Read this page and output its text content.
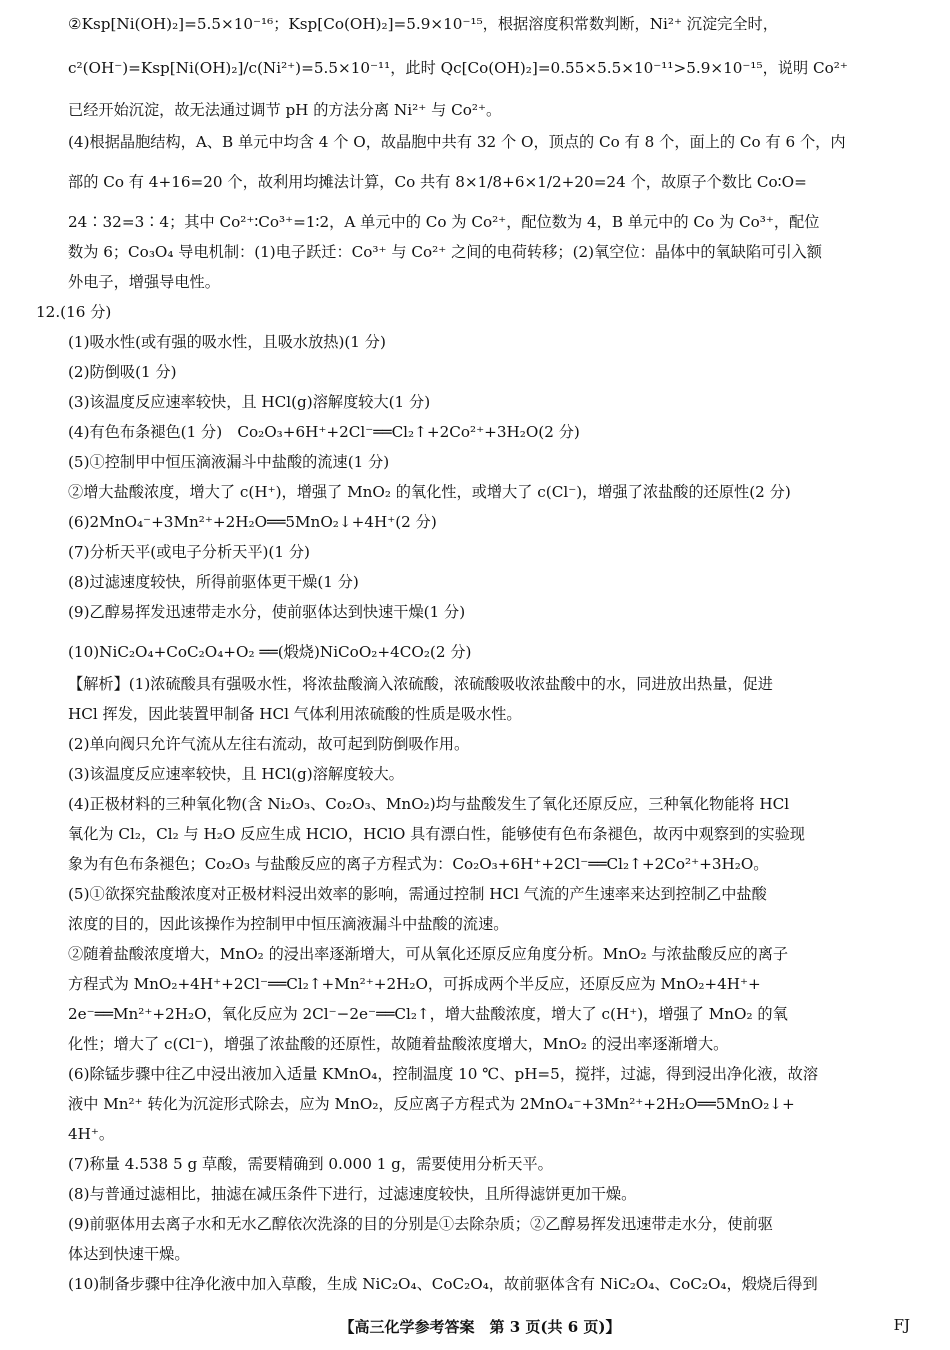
②Ksp[Ni(OH)₂]=5.5×10⁻¹⁶；Ksp[Co(OH)₂]=5.9×10⁻¹⁵，根据溶度积常数判断，Ni²⁺ 沉淀完全时，
c²(OH⁻)=Ksp[Ni(OH)₂]/c(Ni²⁺)=5.5×10⁻¹¹，此时 Qc[Co(OH)₂]=0.55×5.5×10⁻¹¹>5.9×10⁻¹⁵，说明 Co²⁺
已经开始沉淀，故无法通过调节 pH 的方法分离 Ni²⁺ 与 Co²⁺。
(4)根据晶胞结构，A、B 单元中均含 4 个 O，故晶胞中共有 32 个 O，顶点的 Co 有 8 个，面上的 Co 有 6 个，内
部的 Co 有 4+16=20 个，故利用均摊法计算，Co 共有 8×1/8+6×1/2+20=24 个，故原子个数比 Co∶O=
24∶32=3∶4；其中 Co²⁺∶Co³⁺=1∶2，A 单元中的 Co 为 Co²⁺，配位数为 4，B 单元中的 Co 为 Co³⁺，配位
数为 6；Co₃O₄ 导电机制：(1)电子跃迁：Co³⁺ 与 Co²⁺ 之间的电荷转移；(2)氧空位：晶体中的氧缺陷可引入额
外电子，增强导电性。
12.(16 分)
(1)吸水性(或有强的吸水性，且吸水放热)(1 分)
(2)防倒吸(1 分)
(3)该温度反应速率较快，且 HCl(g)溶解度较大(1 分)
(4)有色布条褪色(1 分)　Co₂O₃+6H⁺+2Cl⁻══Cl₂↑+2Co²⁺+3H₂O(2 分)
(5)①控制甲中恒压滴液漏斗中盐酸的流速(1 分)
②增大盐酸浓度，增大了 c(H⁺)，增强了 MnO₂ 的氧化性，或增大了 c(Cl⁻)，增强了浓盐酸的还原性(2 分)
(6)2MnO₄⁻+3Mn²⁺+2H₂O══5MnO₂↓+4H⁺(2 分)
(7)分析天平(或电子分析天平)(1 分)
(8)过滤速度较快，所得前驱体更干燥(1 分)
(9)乙醇易挥发迅速带走水分，使前驱体达到快速干燥(1 分)
(10)NiC₂O₄+CoC₂O₄+O₂ ══(煅烧)NiCoO₂+4CO₂(2 分)
【解析】(1)浓硫酸具有强吸水性，将浓盐酸滴入浓硫酸，浓硫酸吸收浓盐酸中的水，同进放出热量，促进
HCl 挥发，因此装置甲制备 HCl 气体利用浓硫酸的性质是吸水性。
(2)单向阀只允许气流从左往右流动，故可起到防倒吸作用。
(3)该温度反应速率较快，且 HCl(g)溶解度较大。
(4)正极材料的三种氧化物(含 Ni₂O₃、Co₂O₃、MnO₂)均与盐酸发生了氧化还原反应，三种氧化物能将 HCl
氧化为 Cl₂，Cl₂ 与 H₂O 反应生成 HClO，HClO 具有漂白性，能够使有色布条褪色，故丙中观察到的实验现
象为有色布条褪色；Co₂O₃ 与盐酸反应的离子方程式为：Co₂O₃+6H⁺+2Cl⁻══Cl₂↑+2Co²⁺+3H₂O。
(5)①欲探究盐酸浓度对正极材料浸出效率的影响，需通过控制 HCl 气流的产生速率来达到控制乙中盐酸
浓度的目的，因此该操作为控制甲中恒压滴液漏斗中盐酸的流速。
②随着盐酸浓度增大，MnO₂ 的浸出率逐渐增大，可从氧化还原反应角度分析。MnO₂ 与浓盐酸反应的离子
方程式为 MnO₂+4H⁺+2Cl⁻══Cl₂↑+Mn²⁺+2H₂O，可拆成两个半反应，还原反应为 MnO₂+4H⁺+
2e⁻══Mn²⁺+2H₂O，氧化反应为 2Cl⁻−2e⁻══Cl₂↑，增大盐酸浓度，增大了 c(H⁺)，增强了 MnO₂ 的氧
化性；增大了 c(Cl⁻)，增强了浓盐酸的还原性，故随着盐酸浓度增大，MnO₂ 的浸出率逐渐增大。
(6)除锰步骤中往乙中浸出液加入适量 KMnO₄，控制温度 10 ℃、pH=5，搅拌，过滤，得到浸出净化液，故溶
液中 Mn²⁺ 转化为沉淀形式除去，应为 MnO₂，反应离子方程式为 2MnO₄⁻+3Mn²⁺+2H₂O══5MnO₂↓+
4H⁺。
(7)称量 4.538 5 g 草酸，需要精确到 0.000 1 g，需要使用分析天平。
(8)与普通过滤相比，抽滤在减压条件下进行，过滤速度较快，且所得滤饼更加干燥。
(9)前驱体用去离子水和无水乙醇依次洗涤的目的分别是①去除杂质；②乙醇易挥发迅速带走水分，使前驱
体达到快速干燥。
(10)制备步骤中往净化液中加入草酸，生成 NiC₂O₄、CoC₂O₄，故前驱体含有 NiC₂O₄、CoC₂O₄，煅烧后得到
【高三化学参考答案　第 3 页(共 6 页)】	FJ
